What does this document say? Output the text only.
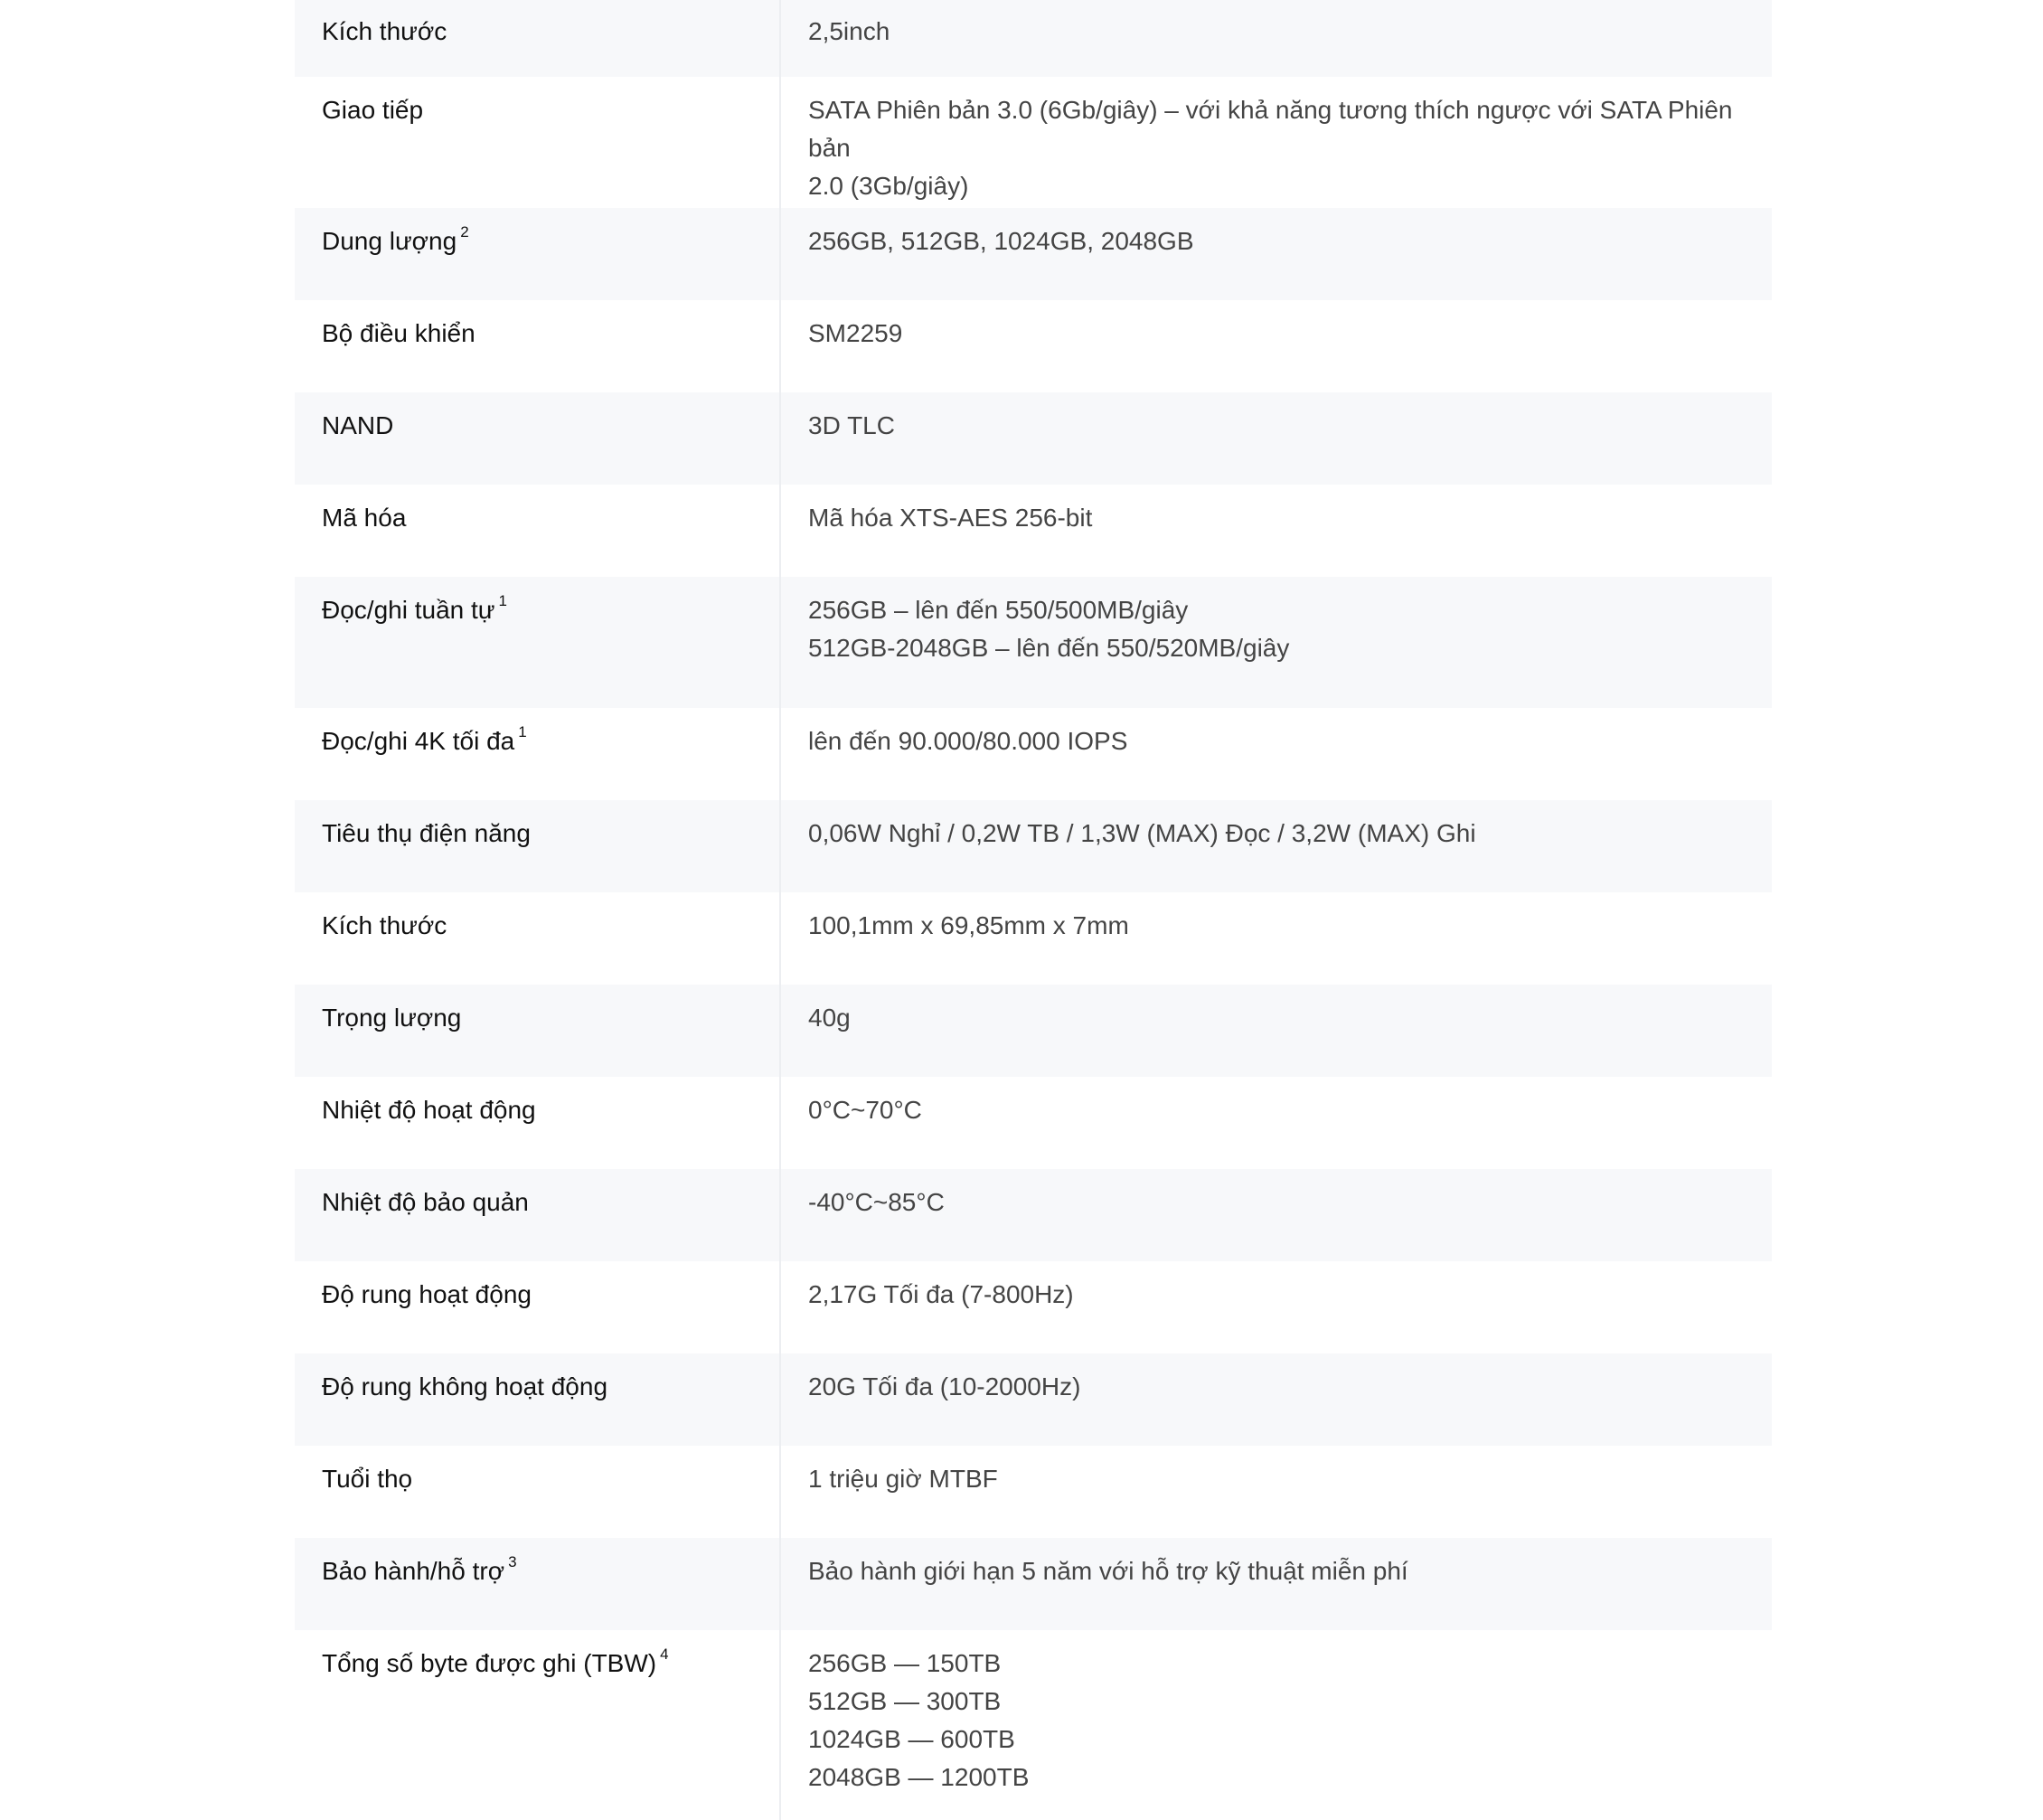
Kích thước	2,5inch
Giao tiếp	SATA Phiên bản 3.0 (6Gb/giây) – với khả năng tương thích ngược với SATA Phiên bản
2.0 (3Gb/giây)
Dung lượng $^2$	256GB, 512GB, 1024GB, 2048GB
Bộ điều khiển	SM2259
NAND	3D TLC
Mã hóa	Mã hóa XTS-AES 256-bit
Đọc/ghi tuần tự $^1$	256GB – lên đến 550/500MB/giây
512GB-2048GB – lên đến 550/520MB/giây
Đọc/ghi 4K tối đa $^1$	lên đến 90.000/80.000 IOPS
Tiêu thụ điện năng	0,06W Nghỉ / 0,2W TB / 1,3W (MAX) Đọc / 3,2W (MAX) Ghi
Kích thước	100,1mm x 69,85mm x 7mm
Trọng lượng	40g
Nhiệt độ hoạt động	0°C~70°C
Nhiệt độ bảo quản	-40°C~85°C
Độ rung hoạt động	2,17G Tối đa (7-800Hz)
Độ rung không hoạt động	20G Tối đa (10-2000Hz)
Tuổi thọ	1 triệu giờ MTBF
Bảo hành/hỗ trợ $^3$	Bảo hành giới hạn 5 năm với hỗ trợ kỹ thuật miễn phí
Tổng số byte được ghi (TBW) $^4$	256GB — 150TB
512GB — 300TB
1024GB — 600TB
2048GB — 1200TB
